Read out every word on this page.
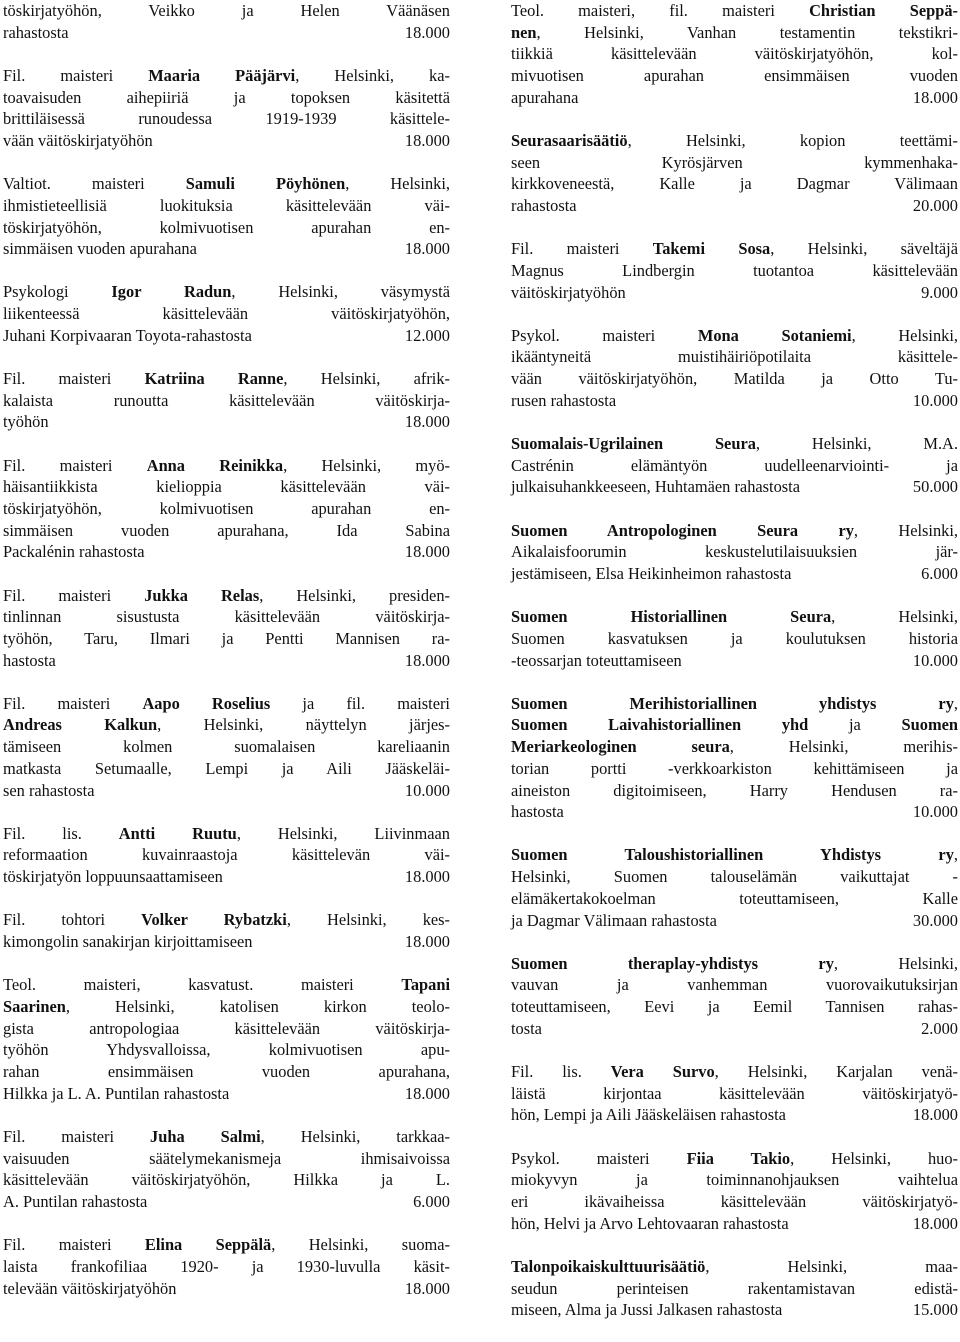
töskirjatyöhön, Veikko ja Helen Väänäsen
rahastosta	18.000
Fil. maisteri Maaria Pääjärvi, Helsinki, ka-
toavaisuden aihepiiriä ja topoksen käsitettä
brittiläisessä runoudessa 1919-1939 käsittele-
vään väitöskirjatyöhön	18.000
Valtiot. maisteri Samuli Pöyhönen, Helsinki,
ihmistieteellisiä luokituksia käsittelevään väi-
töskirjatyöhön, kolmivuotisen apurahan en-
simmäisen vuoden apurahana	18.000
Psykologi Igor Radun, Helsinki, väsymystä
liikenteessä käsittelevään väitöskirjatyöhön,
Juhani Korpivaaran Toyota-rahastosta	12.000
Fil. maisteri Katriina Ranne, Helsinki, afrik-
kalaista runoutta käsittelevään väitöskirja-
työhön	18.000
Fil. maisteri Anna Reinikka, Helsinki, myö-
häisantiikkista kielioppia käsittelevään väi-
töskirjatyöhön, kolmivuotisen apurahan en-
simmäisen vuoden apurahana, Ida Sabina
Packalénin rahastosta	18.000
Fil. maisteri Jukka Relas, Helsinki, presiden-
tinlinnan sisustusta käsittelevään väitöskirja-
työhön, Taru, Ilmari ja Pentti Mannisen ra-
hastosta	18.000
Fil. maisteri Aapo Roselius ja fil. maisteri
Andreas Kalkun, Helsinki, näyttelyn järjes-
tämiseen kolmen suomalaisen kareliaanin
matkasta Setumaalle, Lempi ja Aili Jääskeläi-
sen rahastosta	10.000
Fil. lis. Antti Ruutu, Helsinki, Liivinmaan
reformaation kuvainraastoja käsittelevän väi-
töskirjatyön loppuunsaattamiseen	18.000
Fil. tohtori Volker Rybatzki, Helsinki, kes-
kimongolin sanakirjan kirjoittamiseen	18.000
Teol. maisteri, kasvatust. maisteri Tapani
Saarinen, Helsinki, katolisen kirkon teolo-
gista antropologiaa käsittelevään väitöskirja-
työhön Yhdysvalloissa, kolmivuotisen apu-
rahan ensimmäisen vuoden apurahana,
Hilkka ja L. A. Puntilan rahastosta	18.000
Fil. maisteri Juha Salmi, Helsinki, tarkkaa-
vaisuuden säätelymekanismeja ihmisaivoissa
käsittelevään väitöskirjatyöhön, Hilkka ja L.
A. Puntilan rahastosta	6.000
Fil. maisteri Elina Seppälä, Helsinki, suoma-
laista frankofiliaa 1920- ja 1930-luvulla käsit-
televään väitöskirjatyöhön	18.000
Teol. maisteri, fil. maisteri Christian Seppä-
nen, Helsinki, Vanhan testamentin tekstikri-
tiikkiä käsittelevään väitöskirjatyöhön, kol-
mivuotisen apurahan ensimmäisen vuoden
apurahana	18.000
Seurasaarisäätiö, Helsinki, kopion teettämi-
seen Kyrösjärven kymmenhaka-
kirkkoveneestä, Kalle ja Dagmar Välimaan
rahastosta	20.000
Fil. maisteri Takemi Sosa, Helsinki, säveltäjä
Magnus Lindbergin tuotantoa käsittelevään
väitöskirjatyöhön	9.000
Psykol. maisteri Mona Sotaniemi, Helsinki,
ikääntyneitä muistihäiriöpotilaita käsittele-
vään väitöskirjatyöhön, Matilda ja Otto Tu-
rusen rahastosta	10.000
Suomalais-Ugrilainen Seura, Helsinki, M.A.
Castrénin elämäntyön uudelleenarviointi- ja
julkaisuhankkeeseen, Huhtamäen rahastosta	50.000
Suomen Antropologinen Seura ry, Helsinki,
Aikalaisfoorumin keskustelutilaisuuksien jär-
jestämiseen, Elsa Heikinheimon rahastosta	6.000
Suomen Historiallinen Seura, Helsinki,
Suomen kasvatuksen ja koulutuksen historia
-teossarjan toteuttamiseen	10.000
Suomen Merihistoriallinen yhdistys ry,
Suomen Laivahistoriallinen yhd ja Suomen
Meriarkeologinen seura, Helsinki, merihis-
torian portti -verkkoarkiston kehittämiseen ja
aineiston digitoimiseen, Harry Hendusen ra-
hastosta	10.000
Suomen Taloushistoriallinen Yhdistys ry,
Helsinki, Suomen talouselämän vaikuttajat -
elämäkertakokoelman toteuttamiseen, Kalle
ja Dagmar Välimaan rahastosta	30.000
Suomen theraplay-yhdistys ry, Helsinki,
vauvan ja vanhemman vuorovaikutuksirjan
toteuttamiseen, Eevi ja Eemil Tannisen rahas-
tosta	2.000
Fil. lis. Vera Survo, Helsinki, Karjalan venä-
läistä kirjontaa käsittelevään väitöskirjatyö-
hön, Lempi ja Aili Jääskeläisen rahastosta	18.000
Psykol. maisteri Fiia Takio, Helsinki, huo-
miokyvyn ja toiminnanohjauksen vaihtelua
eri ikävaiheissa käsittelevään väitöskirjatyö-
hön, Helvi ja Arvo Lehtovaaran rahastosta	18.000
Talonpoikaiskulttuurisäätiö, Helsinki, maa-
seudun perinteisen rakentamistavan edistä-
miseen, Alma ja Jussi Jalkasen rahastosta	15.000
